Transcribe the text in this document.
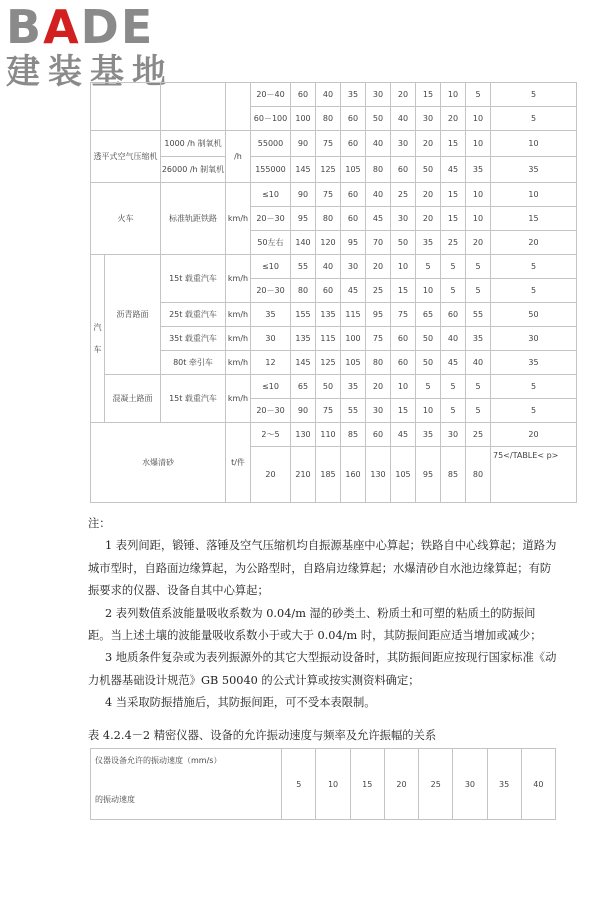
BADE
建装基地
				20－40	60	40	35	30	20	15	10	5	5
				60－100	100	80	60	50	40	30	20	10	5
透平式空气压缩机		1000 /h 制氧机	/h	55000	90	75	60	40	30	20	15	10	10
		26000 /h 制氧机		155000	145	125	105	80	60	50	45	35	35
火车		标准轨距铁路	km/h	≤10	90	75	60	40	25	20	15	10	10
				20－30	95	80	60	45	30	20	15	10	15
				50左右	140	120	95	70	50	35	25	20	20
汽车	沥青路面	15t 载重汽车	km/h	≤10	55	40	30	20	10	5	5	5	5
				20－30	80	60	45	25	15	10	5	5	5
		25t 载重汽车	km/h	35	155	135	115	95	75	65	60	55	50
		35t 载重汽车	km/h	30	135	115	100	75	60	50	40	35	30
		80t 牵引车	km/h	12	145	125	105	80	60	50	45	40	35
	混凝土路面	15t 载重汽车	km/h	≤10	65	50	35	20	10	5	5	5	5
				20－30	90	75	55	30	15	10	5	5	5
水爆清砂			t/件	2～5	130	110	85	60	45	35	30	25	20
				20	210	185	160	130	105	95	85	80	75</TABLE< p>

注：

1 表列间距，锻锤、落锤及空气压缩机均自振源基座中心算起；铁路自中心线算起；道路为城市型时，自路面边缘算起，为公路型时，自路肩边缘算起；水爆清砂自水池边缘算起；有防振要求的仪器、设备自其中心算起；

2 表列数值系波能量吸收系数为 0.04/m 湿的砂类土、粉质土和可塑的粘质土的防振间距。当上述土壤的波能量吸收系数小于或大于 0.04/m 时，其防振间距应适当增加或减少；

3 地质条件复杂或为表列振源外的其它大型振动设备时，其防振间距应按现行国家标准《动力机器基础设计规范》GB 50040 的公式计算或按实测资料确定；

4 当采取防振措施后，其防振间距，可不受本表限制。

表 4.2.4－2 精密仪器、设备的允许振动速度与频率及允许振幅的关系
仪器设备允许的振动速度（mm/s）
的振动速度
	5	10	15	20	25	30	35	40
